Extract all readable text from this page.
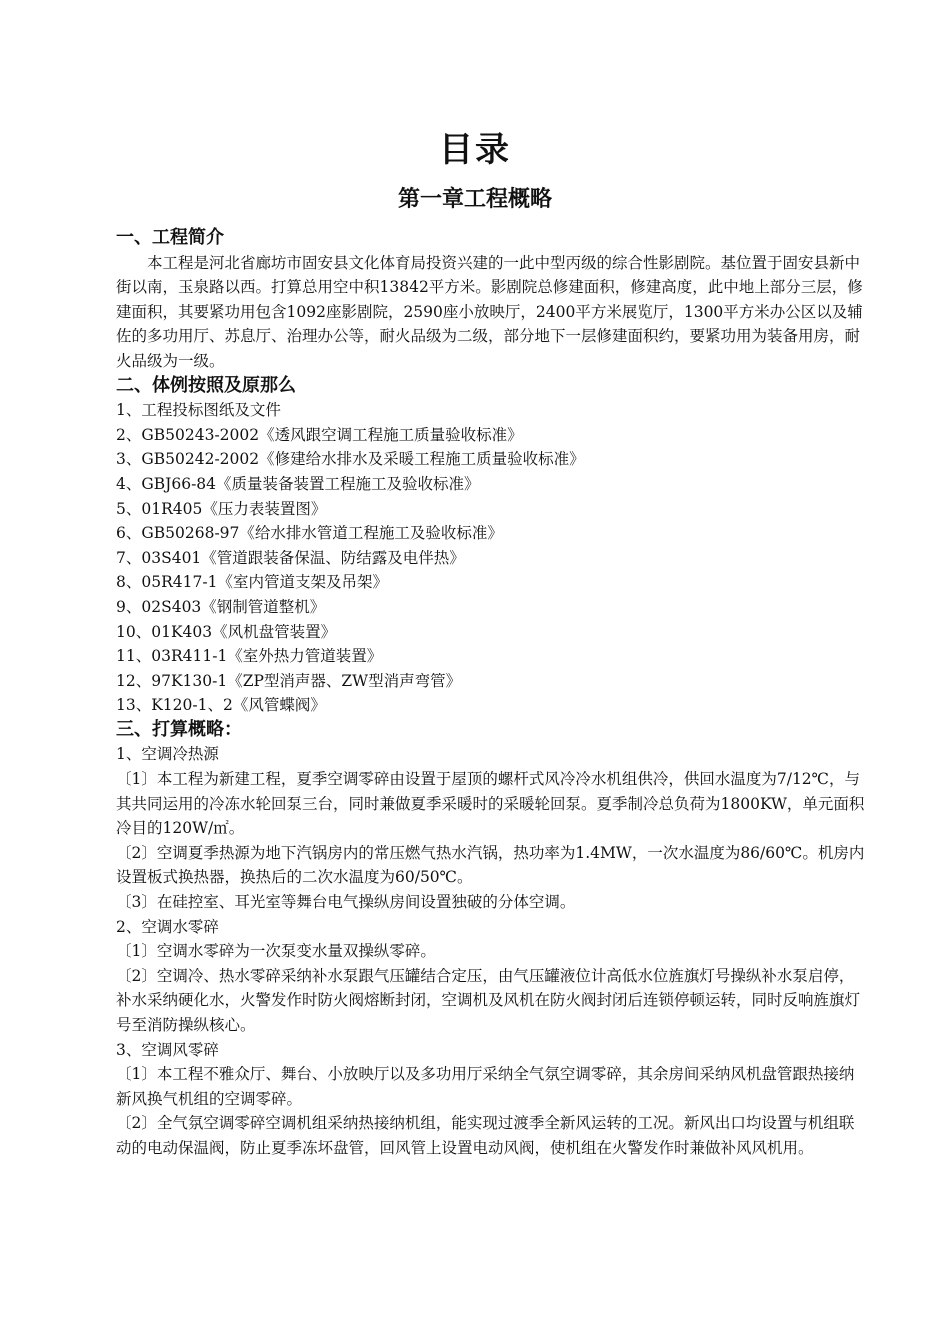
目录
第一章工程概略
一、工程简介

本工程是河北省廊坊市固安县文化体育局投资兴建的一此中型丙级的综合性影剧院。基位置于固安县新中街以南，玉泉路以西。打算总用空中积13842平方米。影剧院总修建面积，修建高度，此中地上部分三层，修建面积，其要紧功用包含1092座影剧院，2590座小放映厅，2400平方米展览厅，1300平方米办公区以及辅佐的多功用厅、苏息厅、治理办公等，耐火品级为二级，部分地下一层修建面积约，要紧功用为装备用房，耐火品级为一级。

二、体例按照及原那么

1、工程投标图纸及文件

2、GB50243-2002《透风跟空调工程施工质量验收标准》

3、GB50242-2002《修建给水排水及采暖工程施工质量验收标准》

4、GBJ66-84《质量装备装置工程施工及验收标准》

5、01R405《压力表装置图》

6、GB50268-97《给水排水管道工程施工及验收标准》

7、03S401《管道跟装备保温、防结露及电伴热》

8、05R417-1《室内管道支架及吊架》

9、02S403《钢制管道整机》

10、01K403《风机盘管装置》

11、03R411-1《室外热力管道装置》

12、97K130-1《ZP型消声器、ZW型消声弯管》

13、K120-1、2《风管蝶阀》

三、打算概略：

1、空调冷热源

〔1〕本工程为新建工程，夏季空调零碎由设置于屋顶的螺杆式风冷冷水机组供冷，供回水温度为7/12℃，与其共同运用的冷冻水轮回泵三台，同时兼做夏季采暖时的采暖轮回泵。夏季制冷总负荷为1800KW，单元面积冷目的120W/㎡。

〔2〕空调夏季热源为地下汽锅房内的常压燃气热水汽锅，热功率为1.4MW，一次水温度为86/60℃。机房内设置板式换热器，换热后的二次水温度为60/50℃。

〔3〕在硅控室、耳光室等舞台电气操纵房间设置独破的分体空调。

2、空调水零碎

〔1〕空调水零碎为一次泵变水量双操纵零碎。

〔2〕空调冷、热水零碎采纳补水泵跟气压罐结合定压，由气压罐液位计高低水位旌旗灯号操纵补水泵启停，补水采纳硬化水，火警发作时防火阀熔断封闭，空调机及风机在防火阀封闭后连锁停顿运转，同时反响旌旗灯号至消防操纵核心。

3、空调风零碎

〔1〕本工程不雅众厅、舞台、小放映厅以及多功用厅采纳全气氛空调零碎，其余房间采纳风机盘管跟热接纳新风换气机组的空调零碎。

〔2〕全气氛空调零碎空调机组采纳热接纳机组，能实现过渡季全新风运转的工况。新风出口均设置与机组联动的电动保温阀，防止夏季冻坏盘管，回风管上设置电动风阀，使机组在火警发作时兼做补风风机用。
